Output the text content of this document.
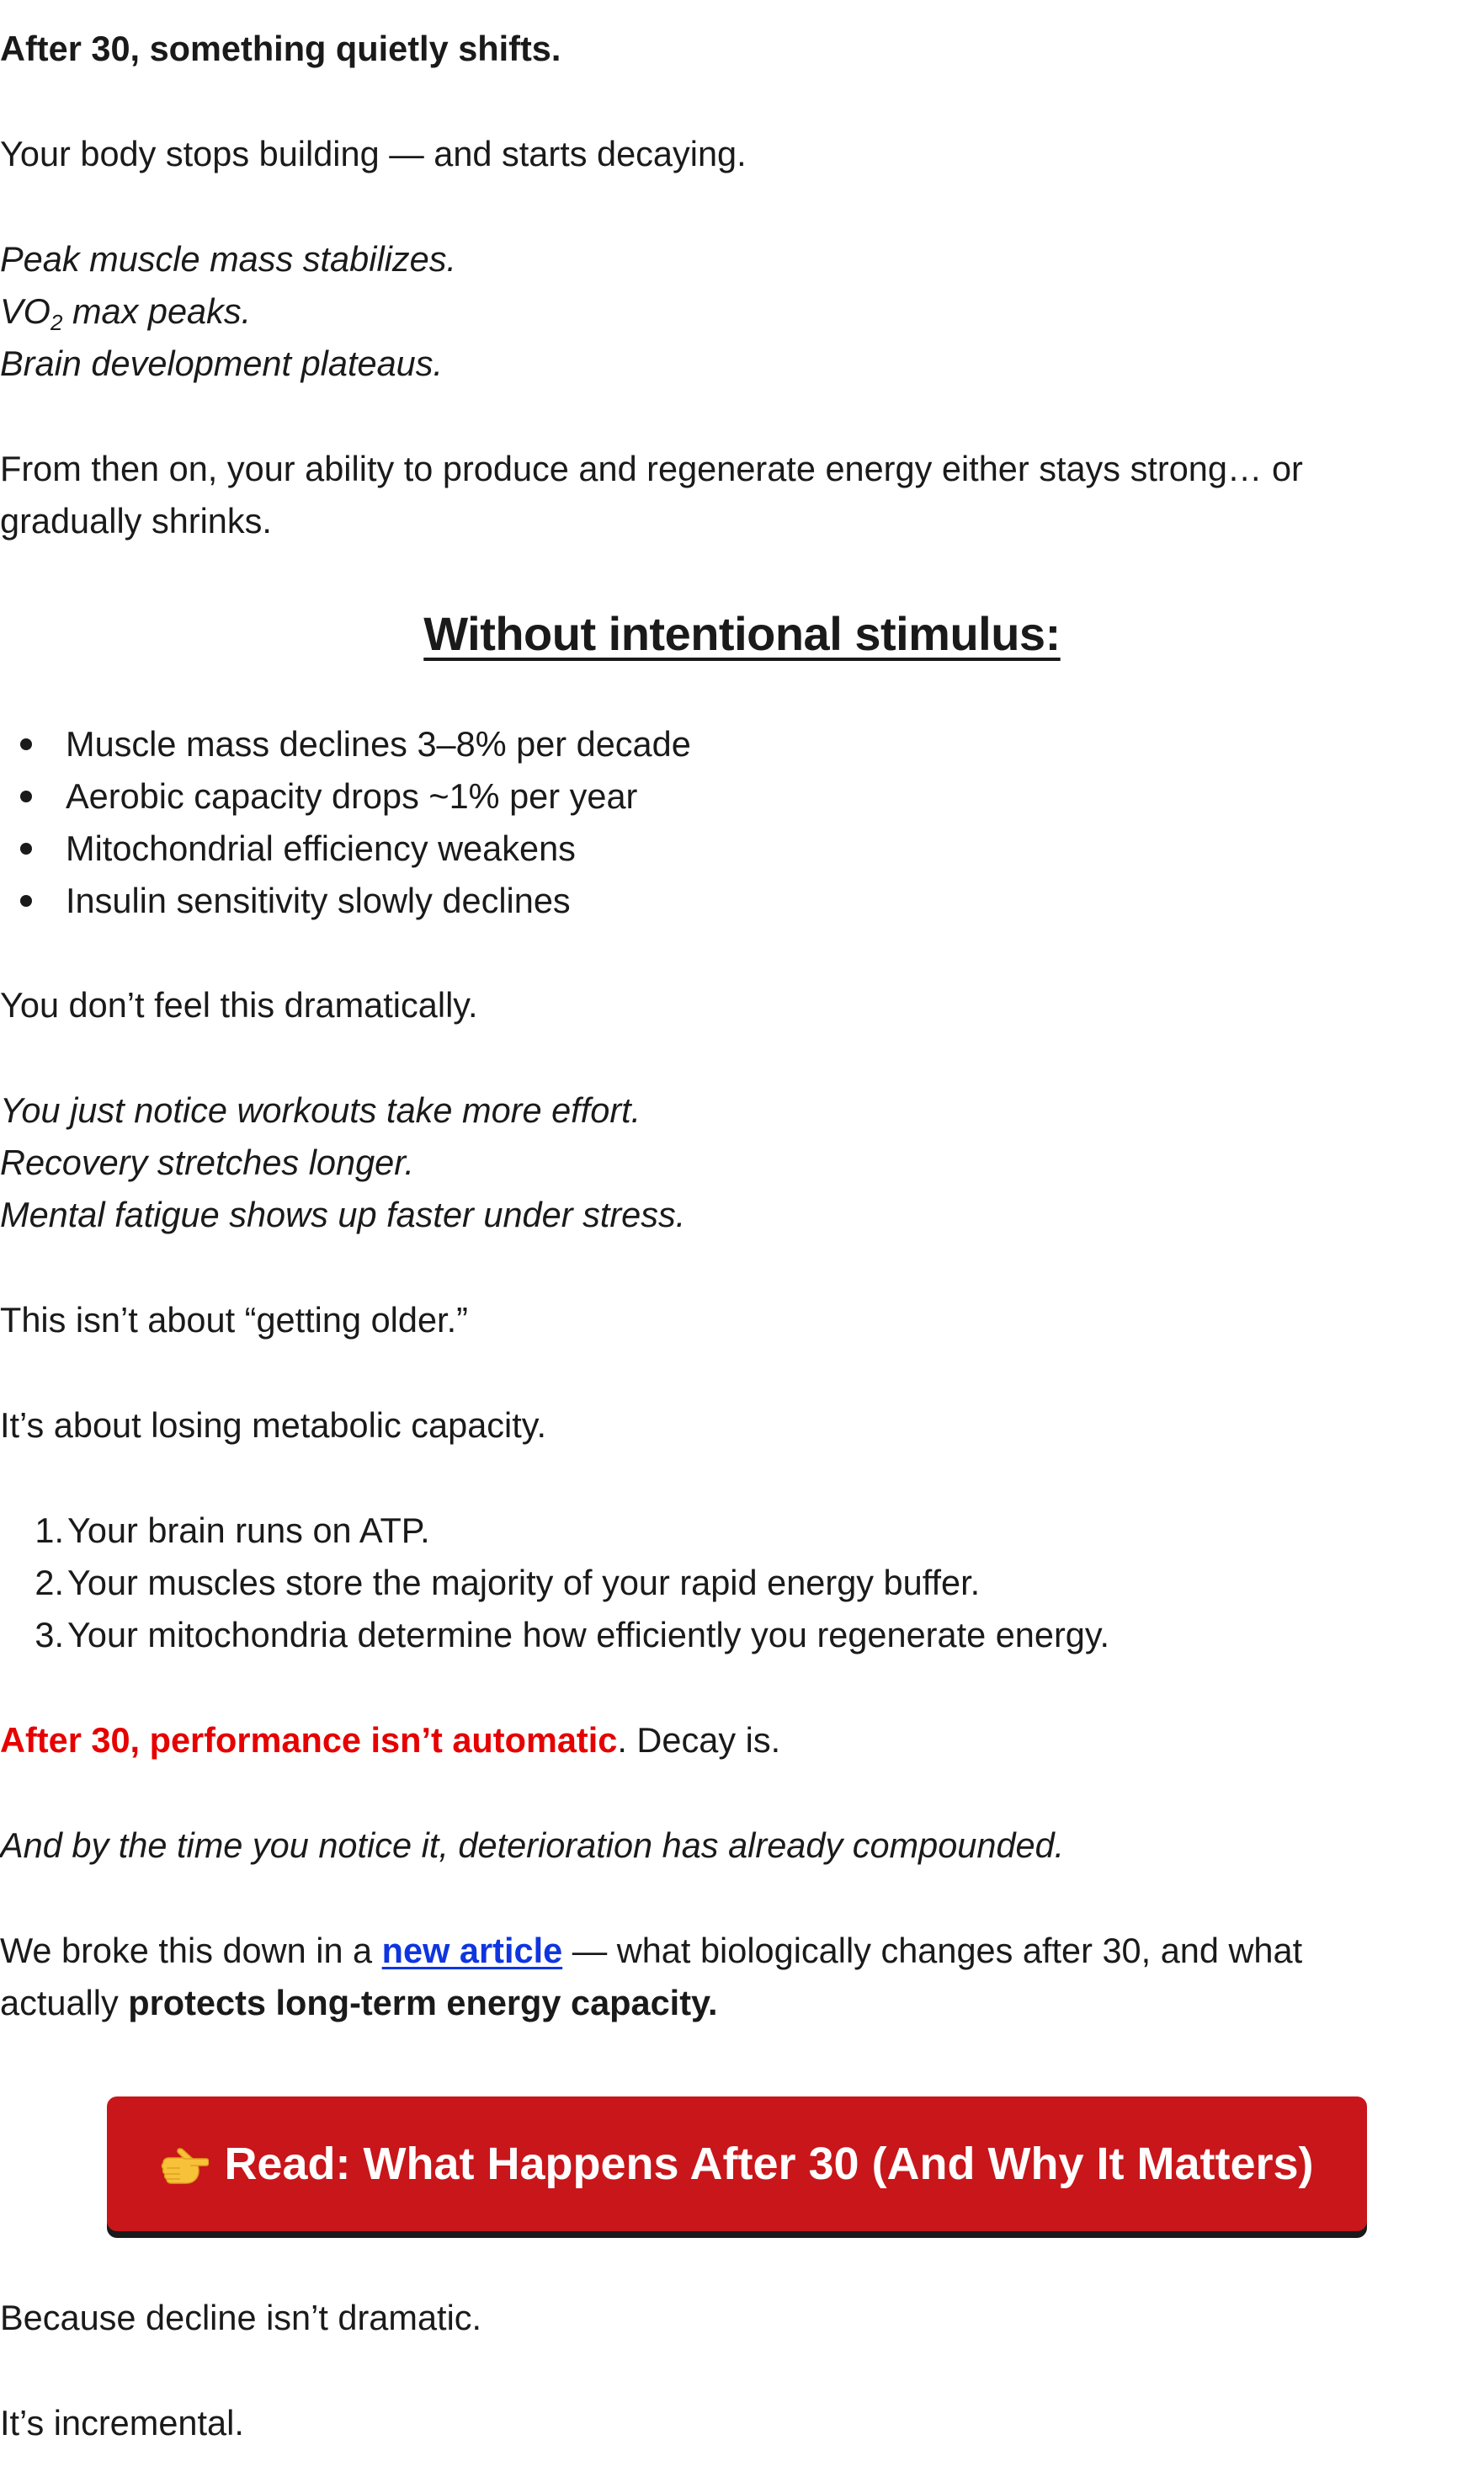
After 30, something quietly shifts.

Your body stops building — and starts decaying.

Peak muscle mass stabilizes.

$VO_2$ max peaks.

Brain development plateaus.

From then on, your ability to produce and regenerate energy either stays strong… or

gradually shrinks.

Without intentional stimulus:
Muscle mass declines 3–8% per decade
Aerobic capacity drops ~1% per year
Mitochondrial efficiency weakens
Insulin sensitivity slowly declines

You don’t feel this dramatically.

You just notice workouts take more effort.

Recovery stretches longer.

Mental fatigue shows up faster under stress.

This isn’t about “getting older.”

It’s about losing metabolic capacity.

1. Your brain runs on ATP.
2. Your muscles store the majority of your rapid energy buffer.
3. Your mitochondria determine how efficiently you regenerate energy.

After 30, performance isn’t automatic. Decay is.

And by the time you notice it, deterioration has already compounded.

We broke this down in a new article — what biologically changes after 30, and what

actually protects long-term energy capacity.

Read: What Happens After 30 (And Why It Matters)

Because decline isn’t dramatic.

It’s incremental.
